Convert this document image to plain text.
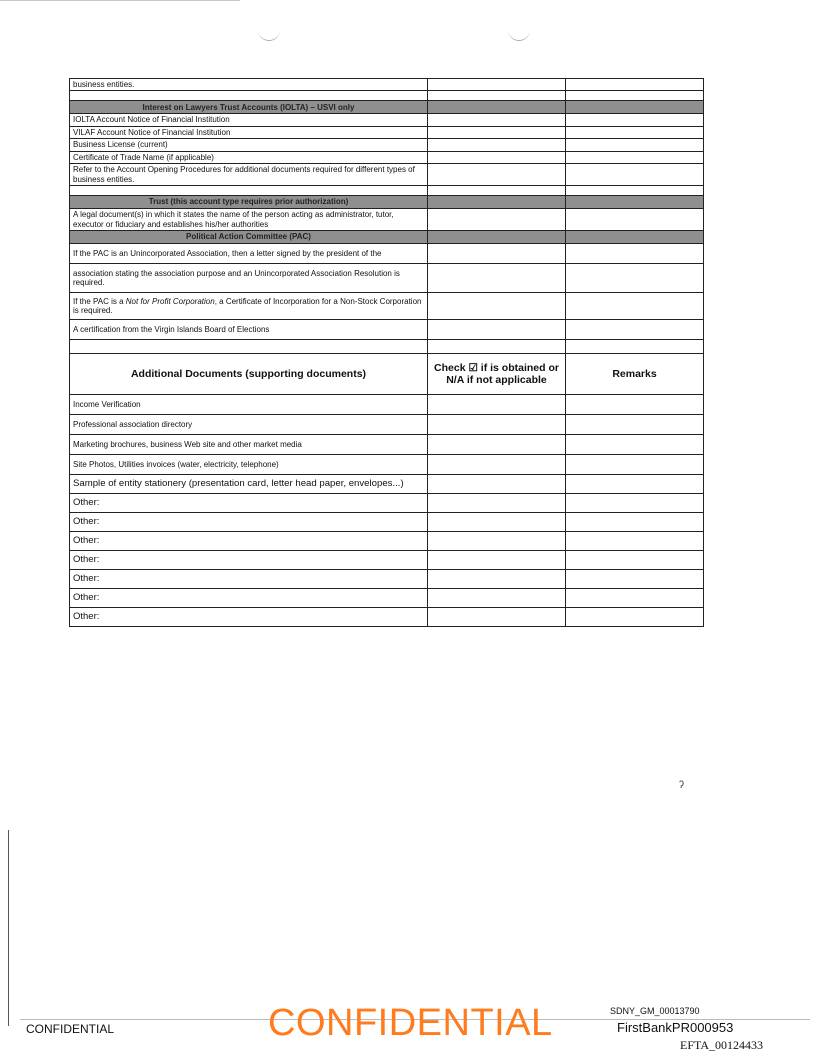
business entities.		

Interest on Lawyers Trust Accounts (IOLTA) – USVI only		
IOLTA Account Notice of Financial Institution		
VILAF Account Notice of Financial Institution		
Business License (current)		
Certificate of Trade Name (if applicable)		
Refer to the Account Opening Procedures for additional documents required for different types of business entities.		

Trust (this account type requires prior authorization)		
A legal document(s) in which it states the name of the person acting as administrator, tutor, executor or fiduciary and establishes his/her authorities		
Political Action Committee (PAC)		
If the PAC is an Unincorporated Association, then a letter signed by the president of the		
association stating the association purpose and an Unincorporated Association Resolution is required.		
If the PAC is a Not for Profit Corporation, a Certificate of Incorporation for a Non-Stock Corporation is required.		
A certification from the Virgin Islands Board of Elections		

Additional Documents (supporting documents)	Check ☑ if is obtained or N/A if not applicable	Remarks
Income Verification		
Professional association directory		
Marketing brochures, business Web site and other market media		
Site Photos, Utilities invoices (water, electricity, telephone)		
Sample of entity stationery (presentation card, letter head paper, envelopes...)		
Other:		
Other:		
Other:		
Other:		
Other:		
Other:		
Other:		
ʔ
CONFIDENTIAL	CONFIDENTIAL	SDNY_GM_00013790
FirstBankPR000953
EFTA_00124433
